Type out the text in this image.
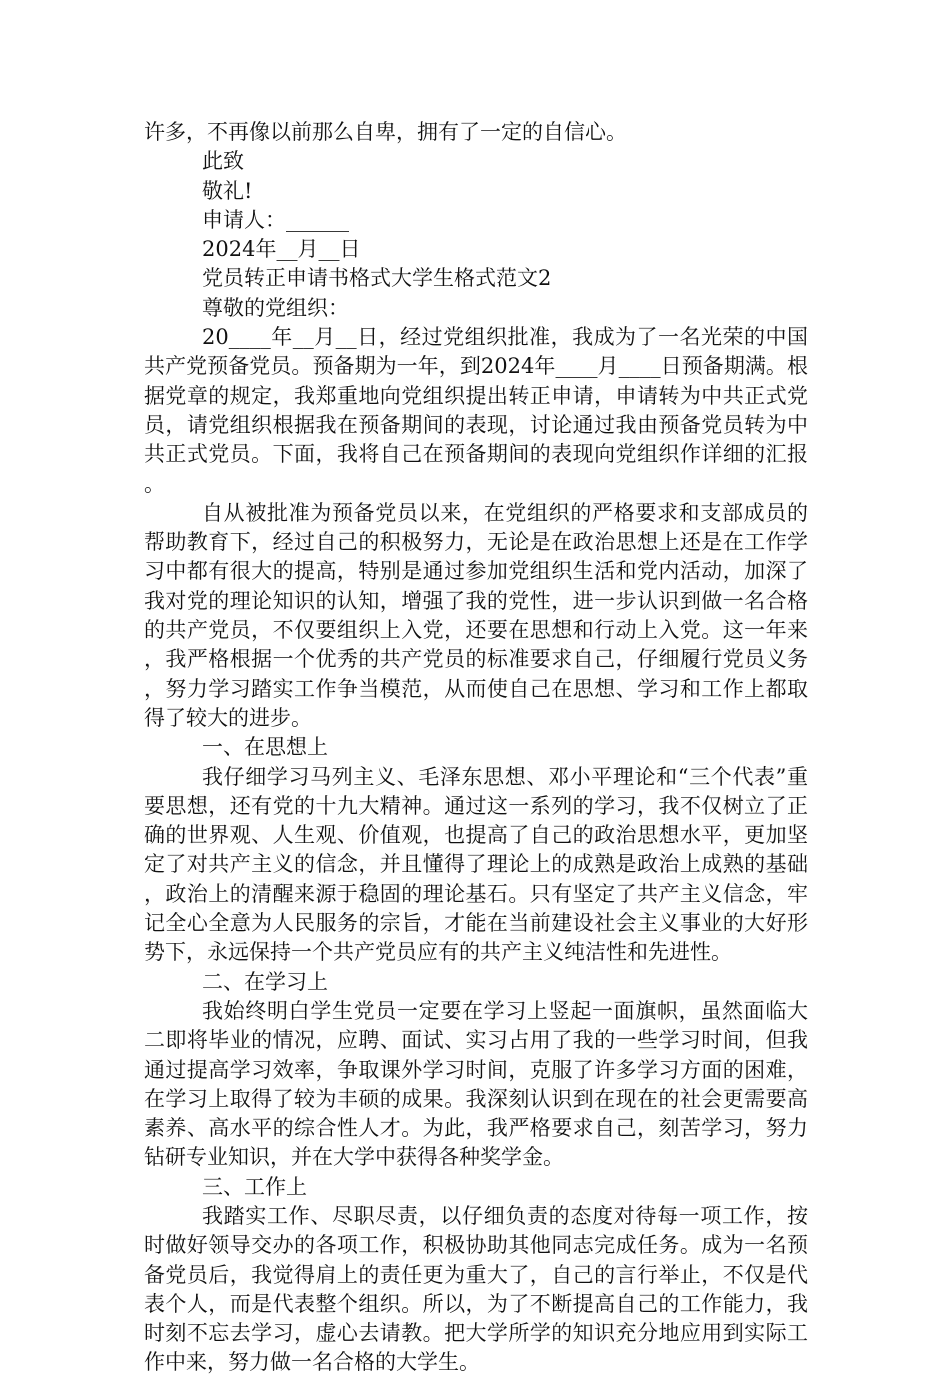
许多，不再像以前那么自卑，拥有了一定的自信心。
此致
敬礼!
申请人：______
2024年__月__日
党员转正申请书格式大学生格式范文2
尊敬的党组织：
20____年__月__日，经过党组织批准，我成为了一名光荣的中国共产党预备党员。预备期为一年，到2024年____月____日预备期满。根据党章的规定，我郑重地向党组织提出转正申请，申请转为中共正式党员，请党组织根据我在预备期间的表现，讨论通过我由预备党员转为中共正式党员。下面，我将自己在预备期间的表现向党组织作详细的汇报。
自从被批准为预备党员以来，在党组织的严格要求和支部成员的帮助教育下，经过自己的积极努力，无论是在政治思想上还是在工作学习中都有很大的提高，特别是通过参加党组织生活和党内活动，加深了我对党的理论知识的认知，增强了我的党性，进一步认识到做一名合格的共产党员，不仅要组织上入党，还要在思想和行动上入党。这一年来，我严格根据一个优秀的共产党员的标准要求自己，仔细履行党员义务，努力学习踏实工作争当模范，从而使自己在思想、学习和工作上都取得了较大的进步。
一、在思想上
我仔细学习马列主义、毛泽东思想、邓小平理论和“三个代表”重要思想，还有党的十九大精神。通过这一系列的学习，我不仅树立了正确的世界观、人生观、价值观，也提高了自己的政治思想水平，更加坚定了对共产主义的信念，并且懂得了理论上的成熟是政治上成熟的基础，政治上的清醒来源于稳固的理论基石。只有坚定了共产主义信念，牢记全心全意为人民服务的宗旨，才能在当前建设社会主义事业的大好形势下，永远保持一个共产党员应有的共产主义纯洁性和先进性。
二、在学习上
我始终明白学生党员一定要在学习上竖起一面旗帜，虽然面临大二即将毕业的情况，应聘、面试、实习占用了我的一些学习时间，但我通过提高学习效率，争取课外学习时间，克服了许多学习方面的困难，在学习上取得了较为丰硕的成果。我深刻认识到在现在的社会更需要高素养、高水平的综合性人才。为此，我严格要求自己，刻苦学习，努力钻研专业知识，并在大学中获得各种奖学金。
三、工作上
我踏实工作、尽职尽责，以仔细负责的态度对待每一项工作，按时做好领导交办的各项工作，积极协助其他同志完成任务。成为一名预备党员后，我觉得肩上的责任更为重大了，自己的言行举止，不仅是代表个人，而是代表整个组织。所以，为了不断提高自己的工作能力，我时刻不忘去学习，虚心去请教。把大学所学的知识充分地应用到实际工作中来，努力做一名合格的大学生。
